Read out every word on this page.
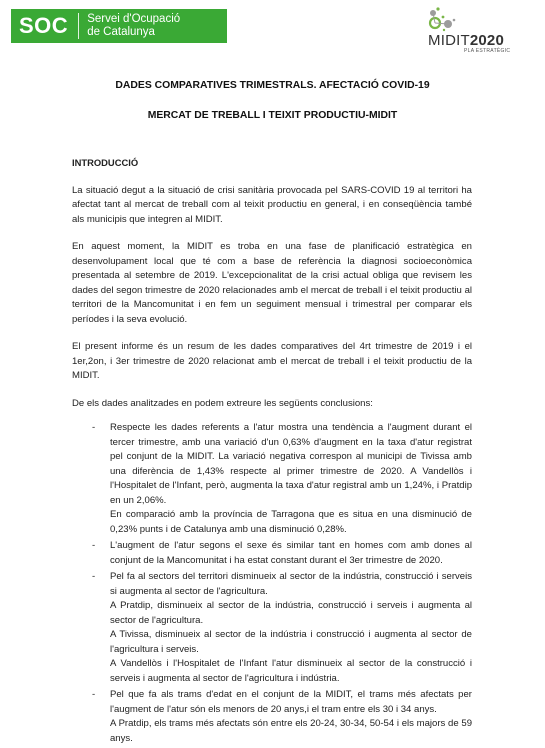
SOC	Servei d'Ocupació
de Catalunya	MIDIT2020
PLA ESTRATÈGIC
DADES COMPARATIVES TRIMESTRALS. AFECTACIÓ COVID-19
MERCAT DE TREBALL I TEIXIT PRODUCTIU-MIDIT

INTRODUCCIÓ

La situació degut a la situació de crisi sanitària provocada pel SARS-COVID 19 al territori ha afectat tant al mercat de treball com al teixit productiu en general, i en conseqüència també als municipis que integren al MIDIT.

En aquest moment, la MIDIT es troba en una fase de planificació estratègica en desenvolupament local que té com a base de referència la diagnosi socioeconòmica presentada al setembre de 2019. L'excepcionalitat de la crisi actual obliga que revisem les dades del segon trimestre de 2020 relacionades amb el mercat de treball i el teixit productiu al territori de la Mancomunitat i en fem un seguiment mensual i trimestral per comparar els períodes i la seva evolució.

El present informe és un resum de les dades comparatives del 4rt trimestre de 2019 i el 1er,2on, i 3er trimestre de 2020 relacionat amb el mercat de treball i el teixit productiu de la MIDIT.

De els dades analitzades en podem extreure les següents conclusions:

- Respecte les dades referents a l'atur mostra una tendència a l'augment durant el tercer trimestre, amb una variació d'un 0,63% d'augment en la taxa d'atur registrat pel conjunt de la MIDIT. La variació negativa correspon al municipi de Tivissa amb una diferència de 1,43% respecte al primer trimestre de 2020. A Vandellòs i l'Hospitalet de l'Infant, però, augmenta la taxa d'atur registral amb un 1,24%, i Pratdip en un 2,06%.

En comparació amb la província de Tarragona que es situa en una disminució de 0,23% punts i de Catalunya amb una disminució 0,28%.

- L'augment de l'atur segons el sexe és similar tant en homes com amb dones al conjunt de la Mancomunitat i ha estat constant durant el 3er trimestre de 2020.

- Pel fa al sectors del territori disminueix al sector de la indústria, construcció i serveis si augmenta al sector de l'agricultura.

A Pratdip, disminueix al sector de la indústria, construcció i serveis i augmenta al sector de l'agricultura.

A Tivissa, disminueix al sector de la indústria i construcció i augmenta al sector de l'agricultura i serveis.

A Vandellòs i l'Hospitalet de l'Infant l'atur disminueix al sector de la construcció i serveis i augmenta al sector de l'agricultura i indústria.

- Pel que fa als trams d'edat en el conjunt de la MIDIT, el trams més afectats per l'augment de l'atur són els menors de 20 anys,i el tram entre els 30 i 34 anys.

A Pratdip, els trams més afectats són entre els 20-24, 30-34, 50-54 i els majors de 59 anys.
